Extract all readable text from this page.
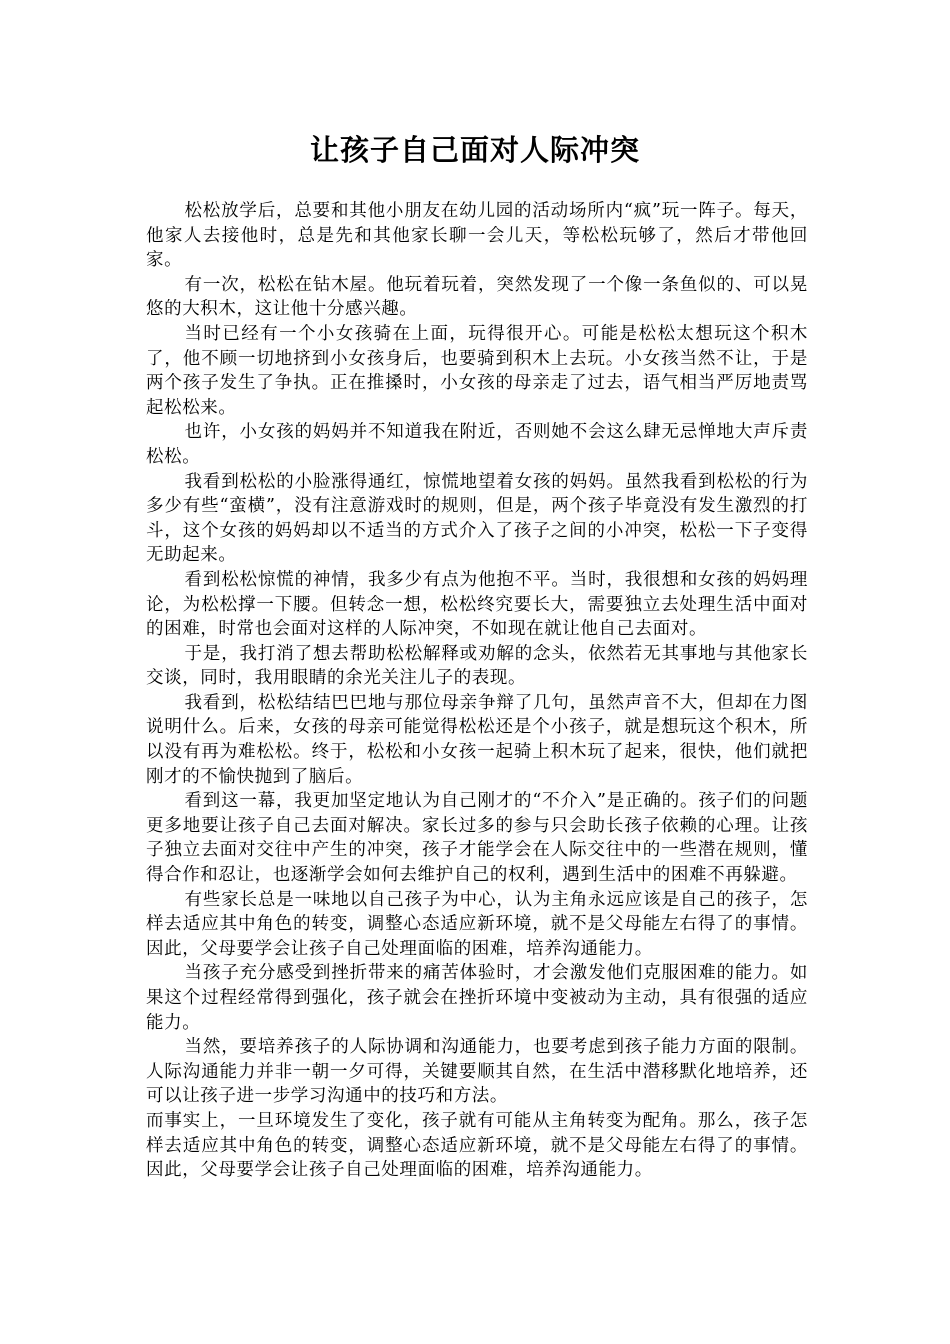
让孩子自己面对人际冲突

松松放学后，总要和其他小朋友在幼儿园的活动场所内“疯”玩一阵子。每天，他家人去接他时，总是先和其他家长聊一会儿天，等松松玩够了，然后才带他回家。

有一次，松松在钻木屋。他玩着玩着，突然发现了一个像一条鱼似的、可以晃悠的大积木，这让他十分感兴趣。

当时已经有一个小女孩骑在上面，玩得很开心。可能是松松太想玩这个积木了，他不顾一切地挤到小女孩身后，也要骑到积木上去玩。小女孩当然不让，于是两个孩子发生了争执。正在推搡时，小女孩的母亲走了过去，语气相当严厉地责骂起松松来。

也许，小女孩的妈妈并不知道我在附近，否则她不会这么肆无忌惮地大声斥责松松。

我看到松松的小脸涨得通红，惊慌地望着女孩的妈妈。虽然我看到松松的行为多少有些“蛮横”，没有注意游戏时的规则，但是，两个孩子毕竟没有发生激烈的打斗，这个女孩的妈妈却以不适当的方式介入了孩子之间的小冲突，松松一下子变得无助起来。

看到松松惊慌的神情，我多少有点为他抱不平。当时，我很想和女孩的妈妈理论，为松松撑一下腰。但转念一想，松松终究要长大，需要独立去处理生活中面对的困难，时常也会面对这样的人际冲突，不如现在就让他自己去面对。

于是，我打消了想去帮助松松解释或劝解的念头，依然若无其事地与其他家长交谈，同时，我用眼睛的余光关注儿子的表现。

我看到，松松结结巴巴地与那位母亲争辩了几句，虽然声音不大，但却在力图说明什么。后来，女孩的母亲可能觉得松松还是个小孩子，就是想玩这个积木，所以没有再为难松松。终于，松松和小女孩一起骑上积木玩了起来，很快，他们就把刚才的不愉快抛到了脑后。

看到这一幕，我更加坚定地认为自己刚才的“不介入”是正确的。孩子们的问题更多地要让孩子自己去面对解决。家长过多的参与只会助长孩子依赖的心理。让孩子独立去面对交往中产生的冲突，孩子才能学会在人际交往中的一些潜在规则，懂得合作和忍让，也逐渐学会如何去维护自己的权利，遇到生活中的困难不再躲避。

有些家长总是一味地以自己孩子为中心，认为主角永远应该是自己的孩子，怎样去适应其中角色的转变，调整心态适应新环境，就不是父母能左右得了的事情。因此，父母要学会让孩子自己处理面临的困难，培养沟通能力。

当孩子充分感受到挫折带来的痛苦体验时，才会激发他们克服困难的能力。如果这个过程经常得到强化，孩子就会在挫折环境中变被动为主动，具有很强的适应能力。

当然，要培养孩子的人际协调和沟通能力，也要考虑到孩子能力方面的限制。人际沟通能力并非一朝一夕可得，关键要顺其自然，在生活中潜移默化地培养，还可以让孩子进一步学习沟通中的技巧和方法。

而事实上，一旦环境发生了变化，孩子就有可能从主角转变为配角。那么，孩子怎样去适应其中角色的转变，调整心态适应新环境，就不是父母能左右得了的事情。因此，父母要学会让孩子自己处理面临的困难，培养沟通能力。
